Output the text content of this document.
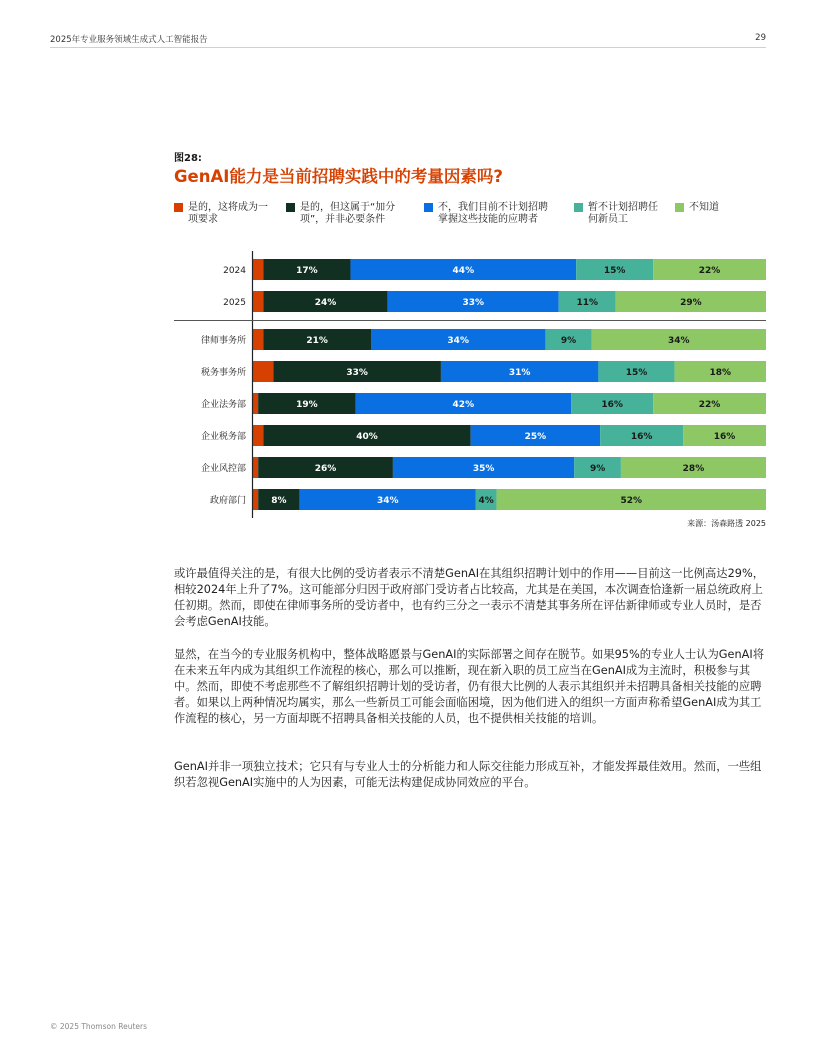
2025年专业服务领域生成式人工智能报告	29
图28:
GenAI能力是当前招聘实践中的考量因素吗?
是的，这将成为一项要求
是的，但这属于“加分项”，并非必要条件
不，我们目前不计划招聘掌握这些技能的应聘者
暂不计划招聘任何新员工
不知道
2024	17%	44%	15%	22%
2025	24%	33%	11%	29%
律师事务所	21%	34%	9%	34%
税务事务所	33%	31%	15%	18%
企业法务部	19%	42%	16%	22%
企业税务部	40%	25%	16%	16%
企业风控部	26%	35%	9%	28%
政府部门	8%	34%	4%	52%
来源：汤森路透 2025

或许最值得关注的是，有很大比例的受访者表示不清楚GenAI在其组织招聘计划中的作用——目前这一比例高达29%，相较2024年上升了7%。这可能部分归因于政府部门受访者占比较高，尤其是在美国，本次调查恰逢新一届总统政府上任初期。然而，即使在律师事务所的受访者中，也有约三分之一表示不清楚其事务所在评估新律师或专业人员时，是否会考虑GenAI技能。

显然，在当今的专业服务机构中，整体战略愿景与GenAI的实际部署之间存在脱节。如果95%的专业人士认为GenAI将在未来五年内成为其组织工作流程的核心，那么可以推断，现在新入职的员工应当在GenAI成为主流时，积极参与其中。然而，即使不考虑那些不了解组织招聘计划的受访者，仍有很大比例的人表示其组织并未招聘具备相关技能的应聘者。如果以上两种情况均属实，那么一些新员工可能会面临困境，因为他们进入的组织一方面声称希望GenAI成为其工作流程的核心，另一方面却既不招聘具备相关技能的人员，也不提供相关技能的培训。

GenAI并非一项独立技术；它只有与专业人士的分析能力和人际交往能力形成互补，才能发挥最佳效用。然而，一些组织若忽视GenAI实施中的人为因素，可能无法构建促成协同效应的平台。

© 2025 Thomson Reuters
